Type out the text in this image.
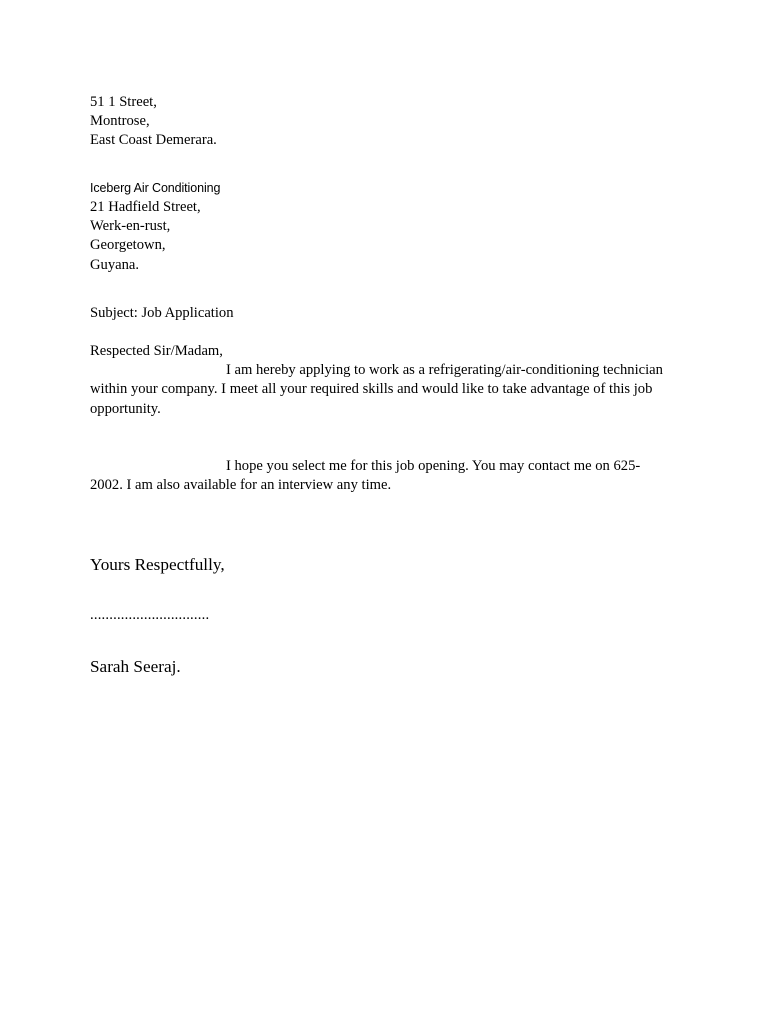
51 1 Street,
Montrose,
East Coast Demerara.
Iceberg Air Conditioning
21 Hadfield Street,
Werk-en-rust,
Georgetown,
Guyana.
Subject: Job Application
Respected Sir/Madam,
I am hereby applying to work as a refrigerating/air-conditioning technician
within your company. I meet all your required skills and would like to take advantage of this job
opportunity.
I hope you select me for this job opening. You may contact me on 625-
2002. I am also available for an interview any time.
Yours Respectfully,
...............................
Sarah Seeraj.
